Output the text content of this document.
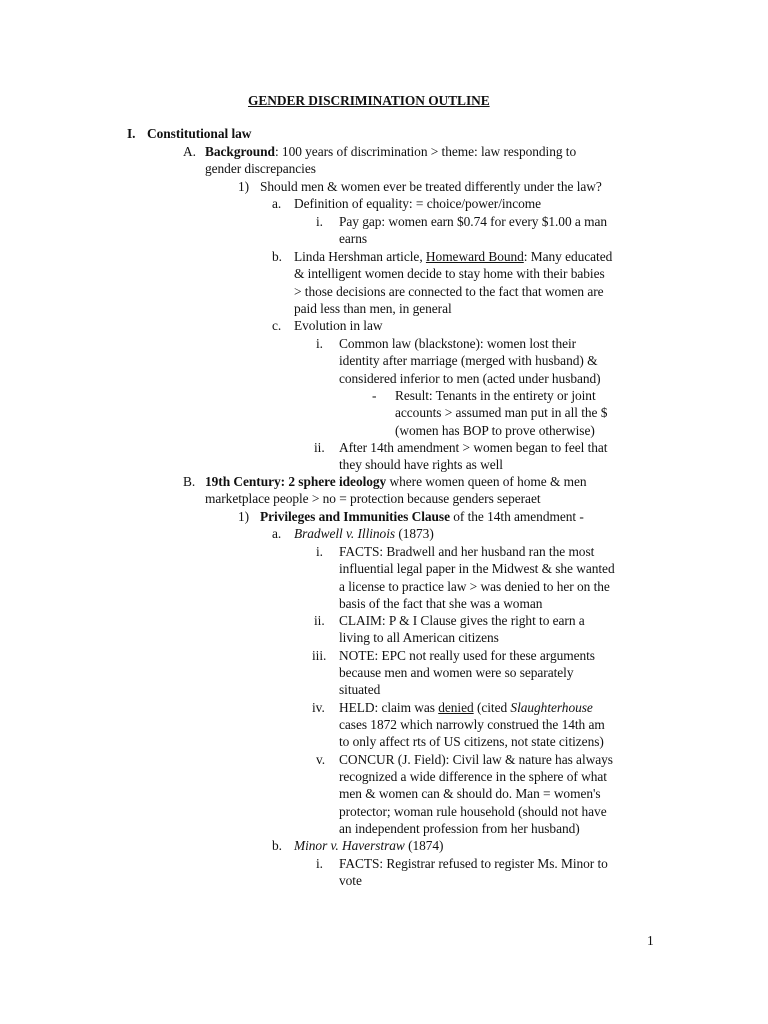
GENDER DISCRIMINATION OUTLINE
I. Constitutional law
A. Background: 100 years of discrimination > theme: law responding to
gender discrepancies
1) Should men & women ever be treated differently under the law?
a. Definition of equality: = choice/power/income
i. Pay gap: women earn $0.74 for every $1.00 a man
earns
b. Linda Hershman article, Homeward Bound: Many educated
& intelligent women decide to stay home with their babies
> those decisions are connected to the fact that women are
paid less than men, in general
c. Evolution in law
i. Common law (blackstone): women lost their
identity after marriage (merged with husband) &
considered inferior to men (acted under husband)
- Result: Tenants in the entirety or joint
accounts > assumed man put in all the $
(women has BOP to prove otherwise)
ii. After 14th amendment > women began to feel that
they should have rights as well
B. 19th Century: 2 sphere ideology where women queen of home & men
marketplace people > no = protection because genders seperaet
1) Privileges and Immunities Clause of the 14th amendment -
a. Bradwell v. Illinois (1873)
i. FACTS: Bradwell and her husband ran the most
influential legal paper in the Midwest & she wanted
a license to practice law > was denied to her on the
basis of the fact that she was a woman
ii. CLAIM: P & I Clause gives the right to earn a
living to all American citizens
iii. NOTE: EPC not really used for these arguments
because men and women were so separately
situated
iv. HELD: claim was denied (cited Slaughterhouse
cases 1872 which narrowly construed the 14th am
to only affect rts of US citizens, not state citizens)
v. CONCUR (J. Field): Civil law & nature has always
recognized a wide difference in the sphere of what
men & women can & should do. Man = women's
protector; woman rule household (should not have
an independent profession from her husband)
b. Minor v. Haverstraw (1874)
i. FACTS: Registrar refused to register Ms. Minor to
vote
1
